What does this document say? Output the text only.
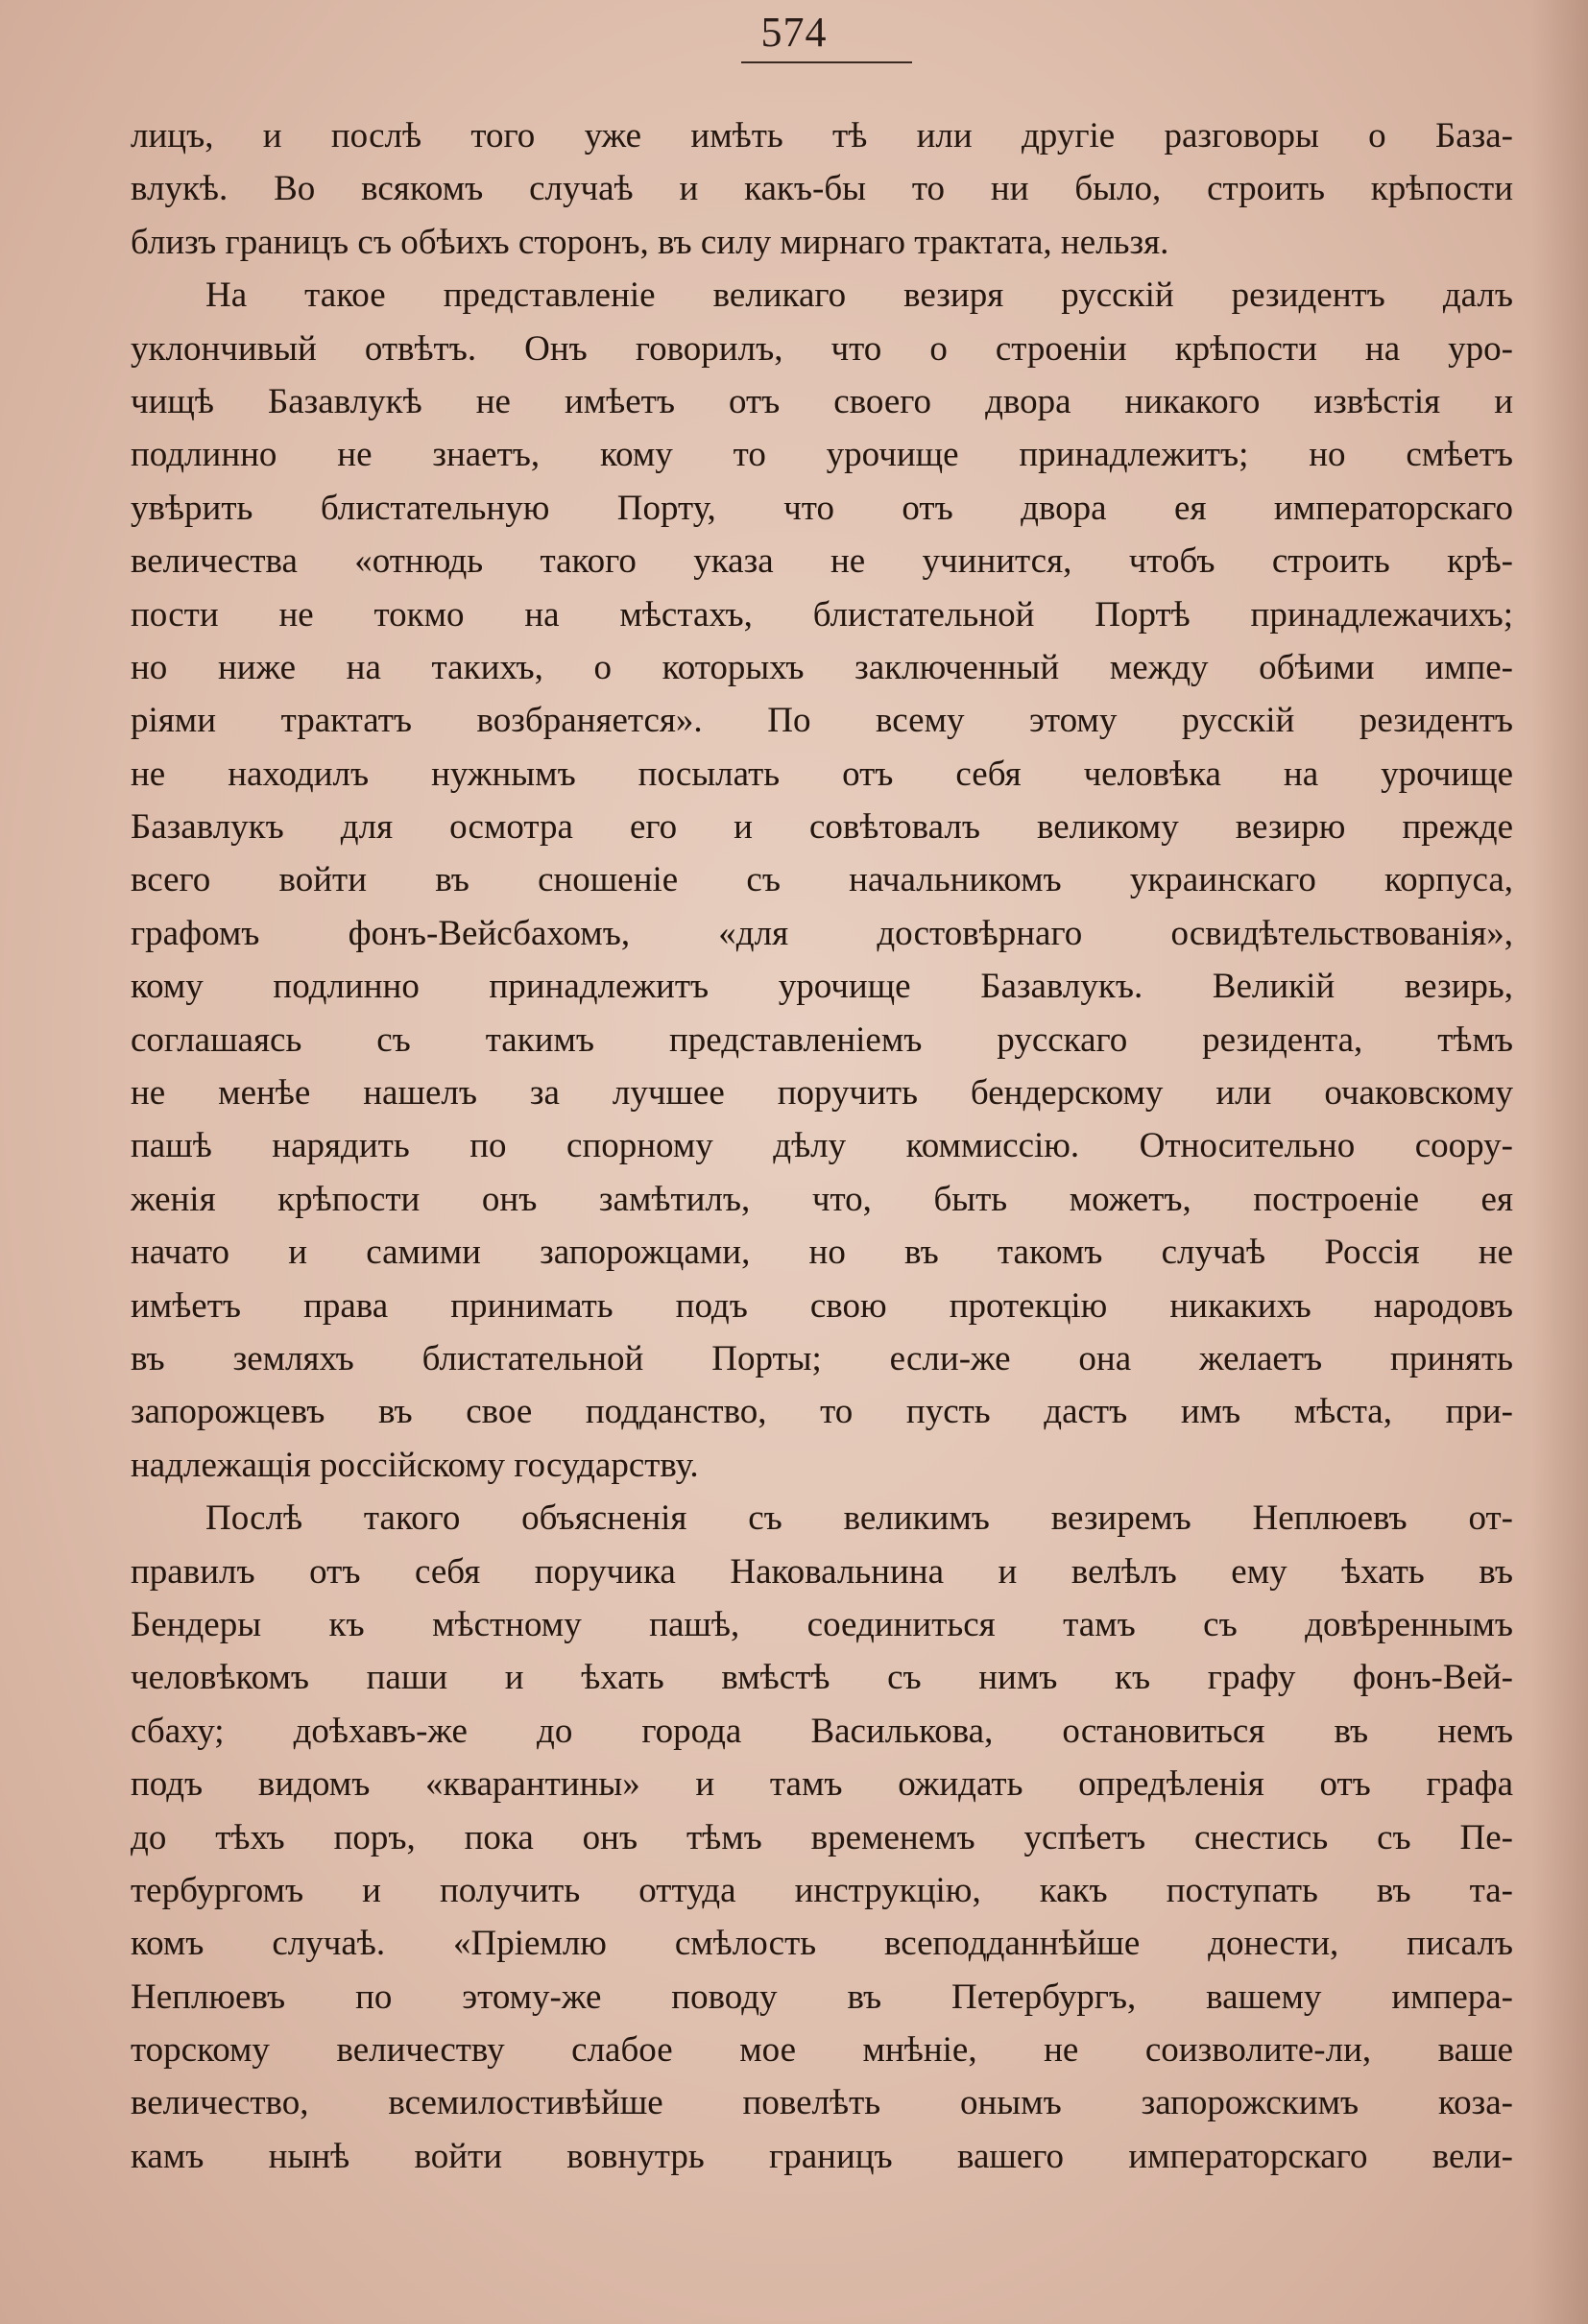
574
лицъ, и послѣ того уже имѣть тѣ или другіе разговоры о База-
влукѣ. Во всякомъ случаѣ и какъ-бы то ни было, строить крѣпости
близъ границъ съ обѣихъ сторонъ, въ силу мирнаго трактата, нельзя.
На такое представленіе великаго везиря русскій резидентъ далъ
уклончивый отвѣтъ. Онъ говорилъ, что о строеніи крѣпости на уро-
чищѣ Базавлукѣ не имѣетъ отъ своего двора никакого извѣстія и
подлинно не знаетъ, кому то урочище принадлежитъ; но смѣетъ
увѣрить блистательную Порту, что отъ двора ея императорскаго
величества «отнюдь такого указа не учинится, чтобъ строить крѣ-
пости не токмо на мѣстахъ, блистательной Портѣ принадлежачихъ;
но ниже на такихъ, о которыхъ заключенный между обѣими импе-
ріями трактатъ возбраняется». По всему этому русскій резидентъ
не находилъ нужнымъ посылать отъ себя человѣка на урочище
Базавлукъ для осмотра его и совѣтовалъ великому везирю прежде
всего войти въ сношеніе съ начальникомъ украинскаго корпуса,
графомъ фонъ-Вейсбахомъ, «для достовѣрнаго освидѣтельствованія»,
кому подлинно принадлежитъ урочище Базавлукъ. Великій везирь,
соглашаясь съ такимъ представленіемъ русскаго резидента, тѣмъ
не менѣе нашелъ за лучшее поручить бендерскому или очаковскому
пашѣ нарядить по спорному дѣлу коммиссію. Относительно соору-
женія крѣпости онъ замѣтилъ, что, быть можетъ, построеніе ея
начато и самими запорожцами, но въ такомъ случаѣ Россія не
имѣетъ права принимать подъ свою протекцію никакихъ народовъ
въ земляхъ блистательной Порты; если-же она желаетъ принять
запорожцевъ въ свое подданство, то пусть дастъ имъ мѣста, при-
надлежащія россійскому государству.
Послѣ такого объясненія съ великимъ везиремъ Неплюевъ от-
правилъ отъ себя поручика Наковальнина и велѣлъ ему ѣхать въ
Бендеры къ мѣстному пашѣ, соединиться тамъ съ довѣреннымъ
человѣкомъ паши и ѣхать вмѣстѣ съ нимъ къ графу фонъ-Вей-
сбаху; доѣхавъ-же до города Василькова, остановиться въ немъ
подъ видомъ «кварантины» и тамъ ожидать опредѣленія отъ графа
до тѣхъ поръ, пока онъ тѣмъ временемъ успѣетъ снестись съ Пе-
тербургомъ и получить оттуда инструкцію, какъ поступать въ та-
комъ случаѣ. «Пріемлю смѣлость всеподданнѣйше донести, писалъ
Неплюевъ по этому-же поводу въ Петербургъ, вашему импера-
торскому величеству слабое мое мнѣніе, не соизволите-ли, ваше
величество, всемилостивѣйше повелѣть онымъ запорожскимъ коза-
камъ нынѣ войти вовнутрь границъ вашего императорскаго вели-
